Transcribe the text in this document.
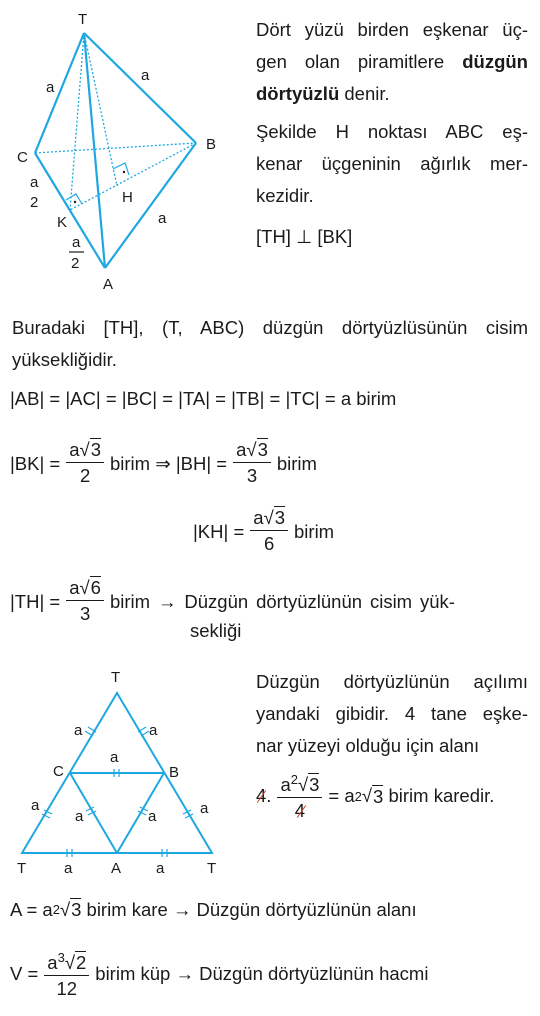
T
a
a
C
B
H
K
A
a
a
2
a
2
Dört yüzü birden eşkenar üç-
gen olan piramitlere düzgün
dörtyüzlü denir.
Şekilde H noktası ABC eş-
kenar üçgeninin ağırlık mer-
kezidir.
[TH] ⊥ [BK]
Buradaki [TH], (T, ABC) düzgün dörtyüzlüsünün cisim
yüksekliğidir.
|AB| = |AC| = |BC| = |TA| = |TB| = |TC| = a birim
$|BK| = \frac{a√3}{2}$ birim ⇒
$|BH| = \frac{a√3}{3}$ birim
$|KH| = \frac{a√3}{6}$ birim
$|TH| = \frac{a√6}{3}$ birim → Düzgün dörtyüzlünün cisim yük-
sekliği
T
a	a
C
a
B
a
a	a	a
T	a	A a	T
Düzgün dörtyüzlünün açılımı
yandaki gibidir. 4 tane eşke-
nar yüzeyi olduğu için alanı
4 . $\frac{a^2√3}{4} = a$ 2 √ 3 birim karedir.
A = a 2 √ 3 birim kare → Düzgün dörtyüzlünün alanı
$V = \frac{a^3√2}{12}$ birim küp → Düzgün dörtyüzlünün hacmi
